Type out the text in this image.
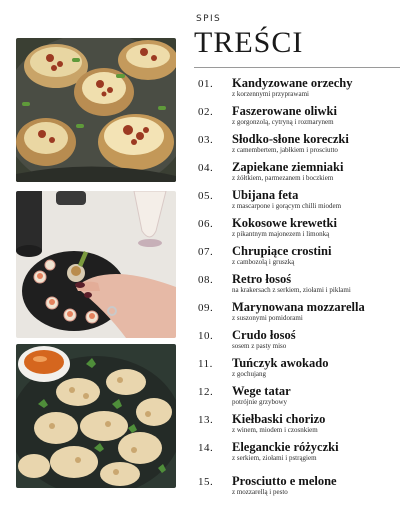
SPIS
TREŚCI
01. Kandyzowane orzechy
z korzennymi przyprawami
02. Faszerowane oliwki
z gorgonzolą, cytryną i rozmarynem
03. Słodko-słone koreczki
z camembertem, jabłkiem i prosciutto
04. Zapiekane ziemniaki
z żółtkiem, parmezanem i boczkiem
05. Ubijana feta
z mascarpone i gorącym chilli miodem
06. Kokosowe krewetki
z pikantnym majonezem i limonką
07. Chrupiące crostini
z cambozolą i gruszką
08. Retro łosoś
na krakersach z serkiem, ziołami i piklami
09. Marynowana mozzarella
z suszonymi pomidorami
10. Crudo łosoś
sosem z pasty miso
11. Tuńczyk awokado
z gochujang
12. Wege tatar
potrójnie grzybowy
13. Kiełbaski chorizo
z winem, miodem i czosnkiem
14. Eleganckie różyczki
z serkiem, ziołami i pstrągiem
15. Prosciutto e melone
z mozzarellą i pesto
